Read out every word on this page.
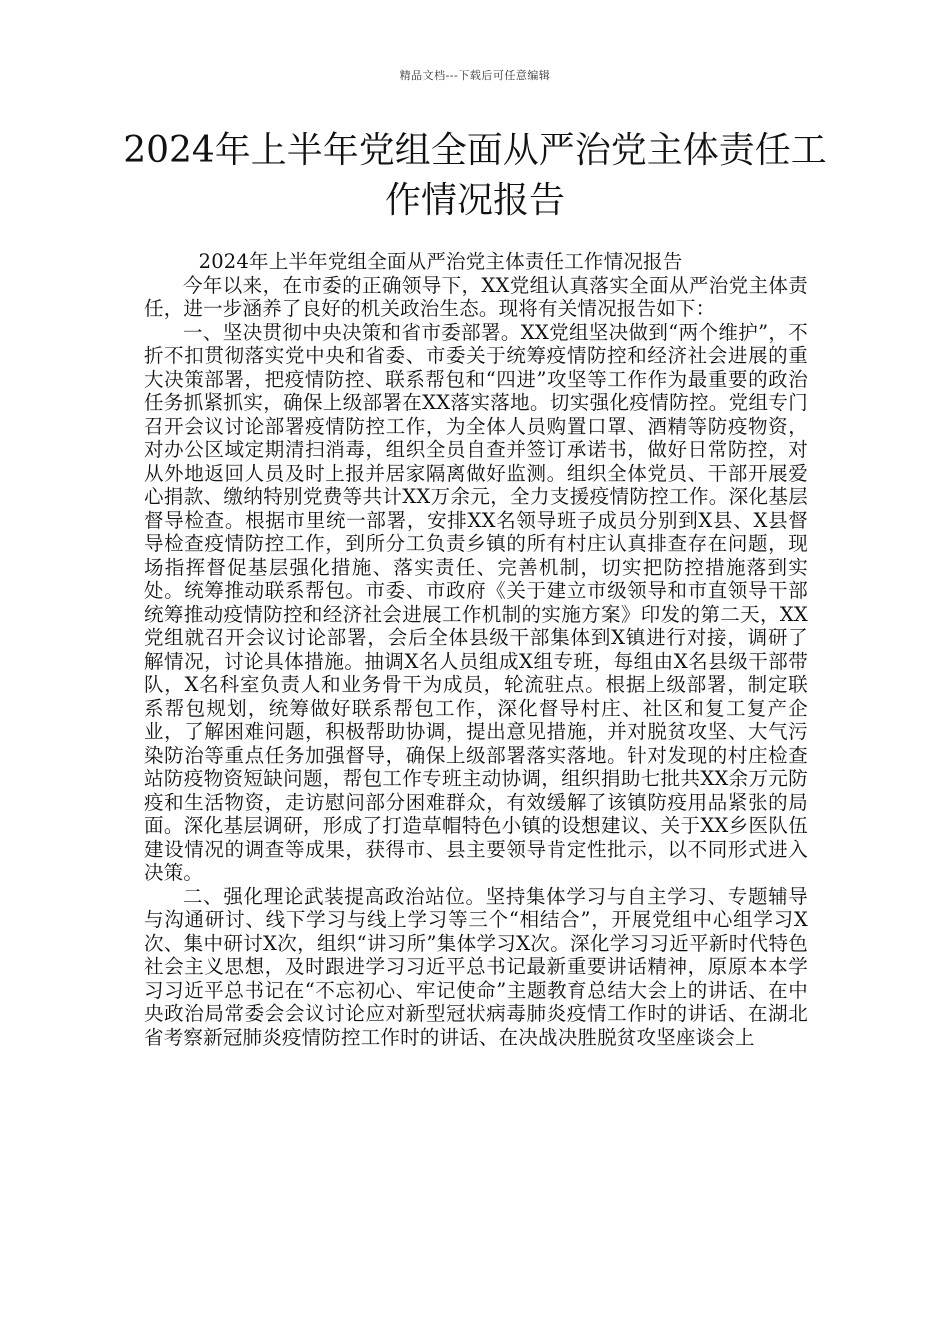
精品文档---下载后可任意编辑
2024年上半年党组全面从严治党主体责任工作情况报告

2024年上半年党组全面从严治党主体责任工作情况报告

今年以来，在市委的正确领导下，XX党组认真落实全面从严治党主体责任，进一步涵养了良好的机关政治生态。现将有关情况报告如下：

一、坚决贯彻中央决策和省市委部署。XX党组坚决做到“两个维护”，不折不扣贯彻落实党中央和省委、市委关于统筹疫情防控和经济社会进展的重大决策部署，把疫情防控、联系帮包和“四进”攻坚等工作作为最重要的政治任务抓紧抓实，确保上级部署在XX落实落地。切实强化疫情防控。党组专门召开会议讨论部署疫情防控工作，为全体人员购置口罩、酒精等防疫物资，对办公区域定期清扫消毒，组织全员自查并签订承诺书，做好日常防控，对从外地返回人员及时上报并居家隔离做好监测。组织全体党员、干部开展爱心捐款、缴纳特别党费等共计XX万余元，全力支援疫情防控工作。深化基层督导检查。根据市里统一部署，安排XX名领导班子成员分别到X县、X县督导检查疫情防控工作，到所分工负责乡镇的所有村庄认真排查存在问题，现场指挥督促基层强化措施、落实责任、完善机制，切实把防控措施落到实处。统筹推动联系帮包。市委、市政府《关于建立市级领导和市直领导干部统筹推动疫情防控和经济社会进展工作机制的实施方案》印发的第二天，XX党组就召开会议讨论部署，会后全体县级干部集体到X镇进行对接，调研了解情况，讨论具体措施。抽调X名人员组成X组专班，每组由X名县级干部带队，X名科室负责人和业务骨干为成员，轮流驻点。根据上级部署，制定联系帮包规划，统筹做好联系帮包工作，深化督导村庄、社区和复工复产企业，了解困难问题，积极帮助协调，提出意见措施，并对脱贫攻坚、大气污染防治等重点任务加强督导，确保上级部署落实落地。针对发现的村庄检查站防疫物资短缺问题，帮包工作专班主动协调，组织捐助七批共XX余万元防疫和生活物资，走访慰问部分困难群众，有效缓解了该镇防疫用品紧张的局面。深化基层调研，形成了打造草帽特色小镇的设想建议、关于XX乡医队伍建设情况的调查等成果，获得市、县主要领导肯定性批示，以不同形式进入决策。

二、强化理论武装提高政治站位。坚持集体学习与自主学习、专题辅导与沟通研讨、线下学习与线上学习等三个“相结合”，开展党组中心组学习X次、集中研讨X次，组织“讲习所”集体学习X次。深化学习习近平新时代特色社会主义思想，及时跟进学习习近平总书记最新重要讲话精神，原原本本学习习近平总书记在“不忘初心、牢记使命”主题教育总结大会上的讲话、在中央政治局常委会会议讨论应对新型冠状病毒肺炎疫情工作时的讲话、在湖北省考察新冠肺炎疫情防控工作时的讲话、在决战决胜脱贫攻坚座谈会上
